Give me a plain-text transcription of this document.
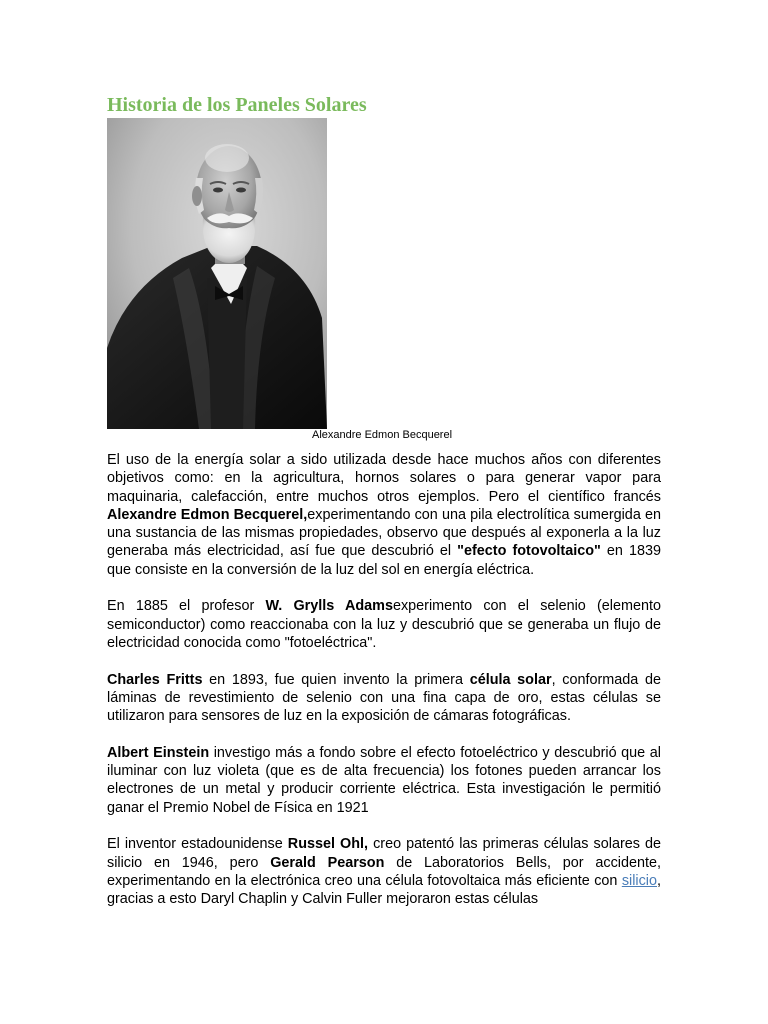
Historia de los Paneles Solares
Alexandre Edmon Becquerel

El uso de la energía solar a sido utilizada desde hace muchos años con diferentes objetivos como: en la agricultura, hornos solares o para generar vapor para maquinaria, calefacción, entre muchos otros ejemplos. Pero el científico francés Alexandre Edmon Becquerel,experimentando con una pila electrolítica sumergida en una sustancia de las mismas propiedades, observo que después al exponerla a la luz generaba más electricidad, así fue que descubrió el "efecto fotovoltaico" en 1839 que consiste en la conversión de la luz del sol en energía eléctrica.

En 1885 el profesor W. Grylls Adamsexperimento con el selenio (elemento semiconductor) como reaccionaba con la luz y descubrió que se generaba un flujo de electricidad conocida como "fotoeléctrica".

Charles Fritts en 1893, fue quien invento la primera célula solar, conformada de láminas de revestimiento de selenio con una fina capa de oro, estas células se utilizaron para sensores de luz en la exposición de cámaras fotográficas.

Albert Einstein investigo más a fondo sobre el efecto fotoeléctrico y descubrió que al iluminar con luz violeta (que es de alta frecuencia) los fotones pueden arrancar los electrones de un metal y producir corriente eléctrica. Esta investigación le permitió ganar el Premio Nobel de Física en 1921

El inventor estadounidense Russel Ohl, creo patentó las primeras células solares de silicio en 1946, pero Gerald Pearson de Laboratorios Bells, por accidente, experimentando en la electrónica creo una célula fotovoltaica más eficiente con silicio, gracias a esto Daryl Chaplin y Calvin Fuller mejoraron estas células
